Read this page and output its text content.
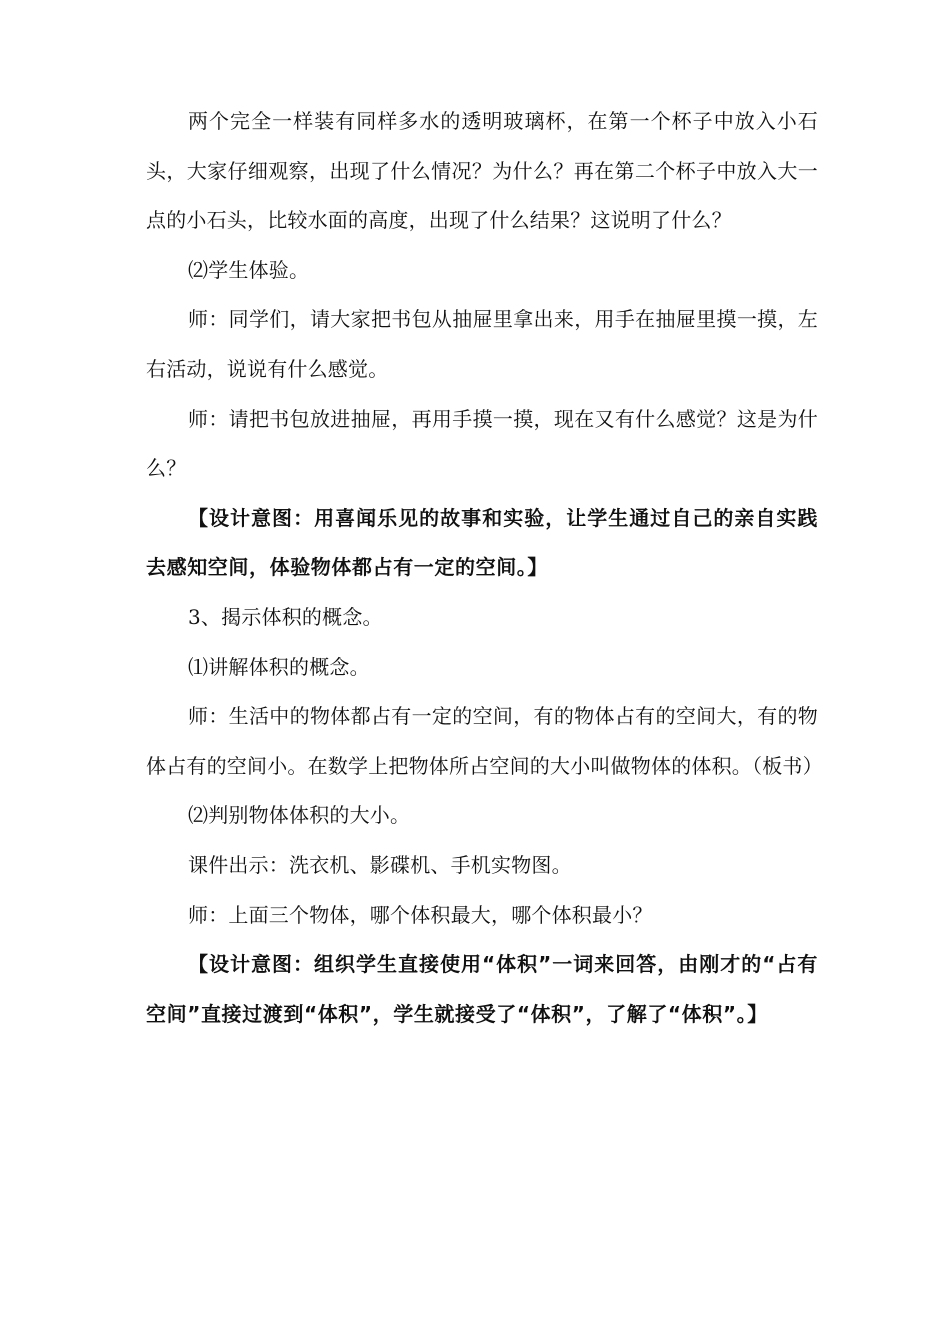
两个完全一样装有同样多水的透明玻璃杯，在第一个杯子中放入小石头，大家仔细观察，出现了什么情况？为什么？再在第二个杯子中放入大一点的小石头，比较水面的高度，出现了什么结果？这说明了什么？

⑵学生体验。

师：同学们，请大家把书包从抽屉里拿出来，用手在抽屉里摸一摸，左右活动，说说有什么感觉。

师：请把书包放进抽屉，再用手摸一摸，现在又有什么感觉？这是为什么？

【设计意图：用喜闻乐见的故事和实验，让学生通过自己的亲自实践去感知空间，体验物体都占有一定的空间。】

3、揭示体积的概念。

⑴讲解体积的概念。

师：生活中的物体都占有一定的空间，有的物体占有的空间大，有的物体占有的空间小。在数学上把物体所占空间的大小叫做物体的体积。（板书）

⑵判别物体体积的大小。

课件出示：洗衣机、影碟机、手机实物图。

师：上面三个物体，哪个体积最大，哪个体积最小？

【设计意图：组织学生直接使用“体积”一词来回答，由刚才的“占有空间”直接过渡到“体积”，学生就接受了“体积”，了解了“体积”。】
